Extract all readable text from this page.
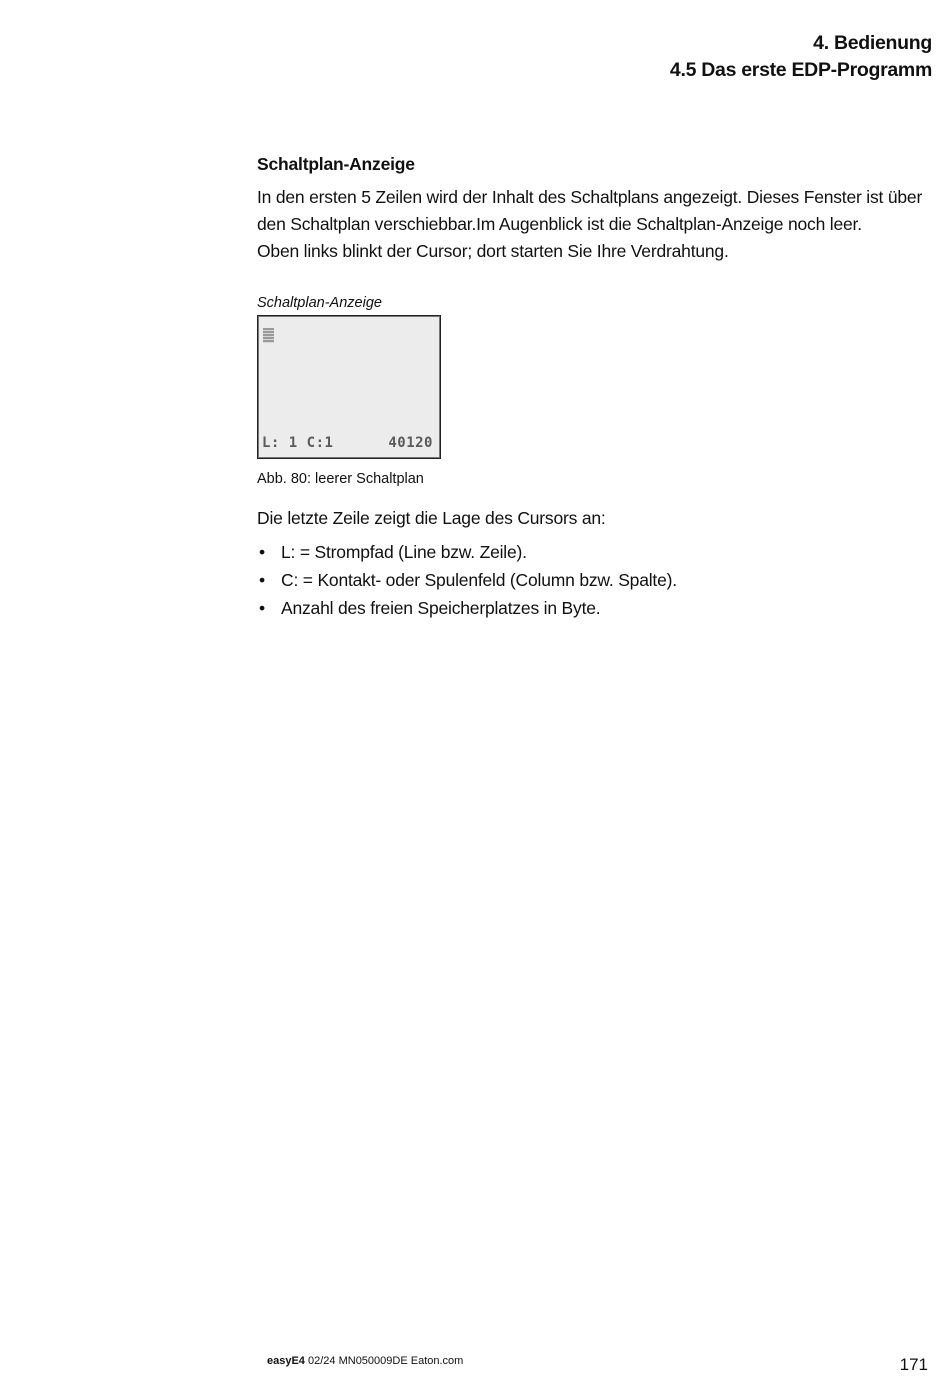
4. Bedienung
4.5 Das erste EDP-Programm
Schaltplan-Anzeige

In den ersten 5 Zeilen wird der Inhalt des Schaltplans angezeigt. Dieses Fenster ist über den Schaltplan verschiebbar.Im Augenblick ist die Schaltplan-Anzeige noch leer.

Oben links blinkt der Cursor; dort starten Sie Ihre Verdrahtung.

Schaltplan-Anzeige

L: 1 C:1

	40120

Abb. 80: leerer Schaltplan
Die letzte Zeile zeigt die Lage des Cursors an:
• L: = Strompfad (Line bzw. Zeile).
• C: = Kontakt- oder Spulenfeld (Column bzw. Spalte).
• Anzahl des freien Speicherplatzes in Byte.
easyE4 02/24 MN050009DE Eaton.com	171
